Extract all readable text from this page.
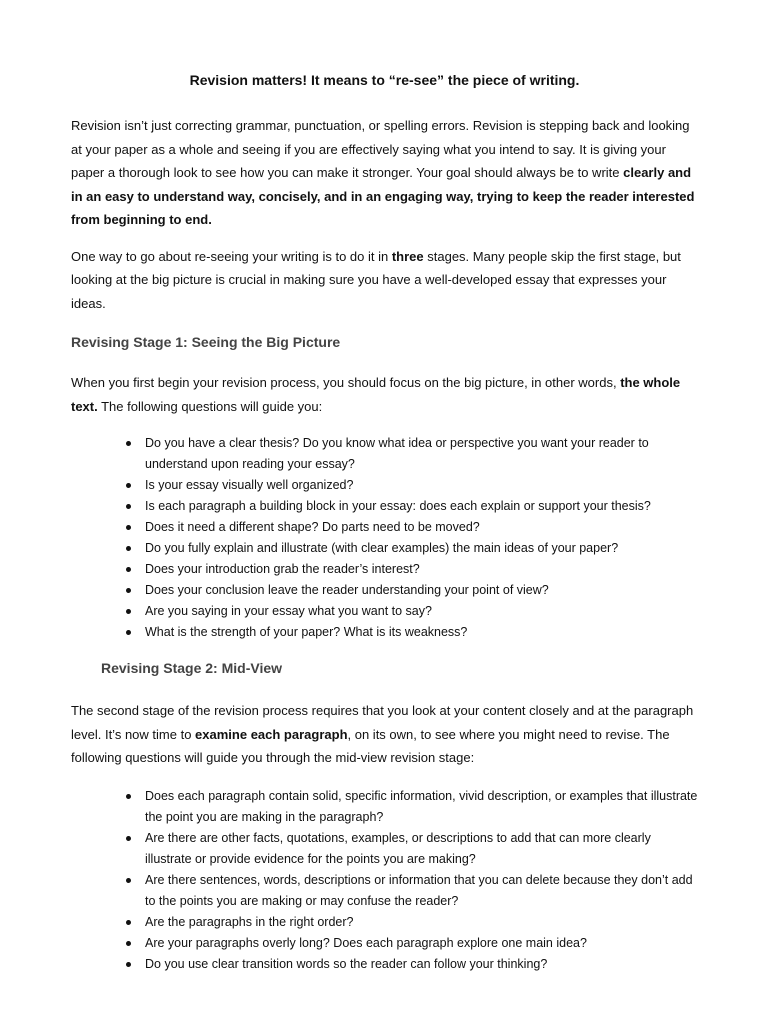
Revision matters! It means to “re-see” the piece of writing.

Revision isn’t just correcting grammar, punctuation, or spelling errors. Revision is stepping back and looking at your paper as a whole and seeing if you are effectively saying what you intend to say. It is giving your paper a thorough look to see how you can make it stronger. Your goal should always be to write clearly and in an easy to understand way, concisely, and in an engaging way, trying to keep the reader interested from beginning to end.

One way to go about re-seeing your writing is to do it in three stages. Many people skip the first stage, but looking at the big picture is crucial in making sure you have a well-developed essay that expresses your ideas.

Revising Stage 1: Seeing the Big Picture

When you first begin your revision process, you should focus on the big picture, in other words, the whole text. The following questions will guide you:

Do you have a clear thesis? Do you know what idea or perspective you want your reader to understand upon reading your essay?
Is your essay visually well organized?
Is each paragraph a building block in your essay: does each explain or support your thesis?
Does it need a different shape? Do parts need to be moved?
Do you fully explain and illustrate (with clear examples) the main ideas of your paper?
Does your introduction grab the reader’s interest?
Does your conclusion leave the reader understanding your point of view?
Are you saying in your essay what you want to say?
What is the strength of your paper? What is its weakness?
Revising Stage 2: Mid-View

The second stage of the revision process requires that you look at your content closely and at the paragraph level. It’s now time to examine each paragraph, on its own, to see where you might need to revise. The following questions will guide you through the mid-view revision stage:

Does each paragraph contain solid, specific information, vivid description, or examples that illustrate the point you are making in the paragraph?
Are there are other facts, quotations, examples, or descriptions to add that can more clearly illustrate or provide evidence for the points you are making?
Are there sentences, words, descriptions or information that you can delete because they don’t add to the points you are making or may confuse the reader?
Are the paragraphs in the right order?
Are your paragraphs overly long? Does each paragraph explore one main idea?
Do you use clear transition words so the reader can follow your thinking?
